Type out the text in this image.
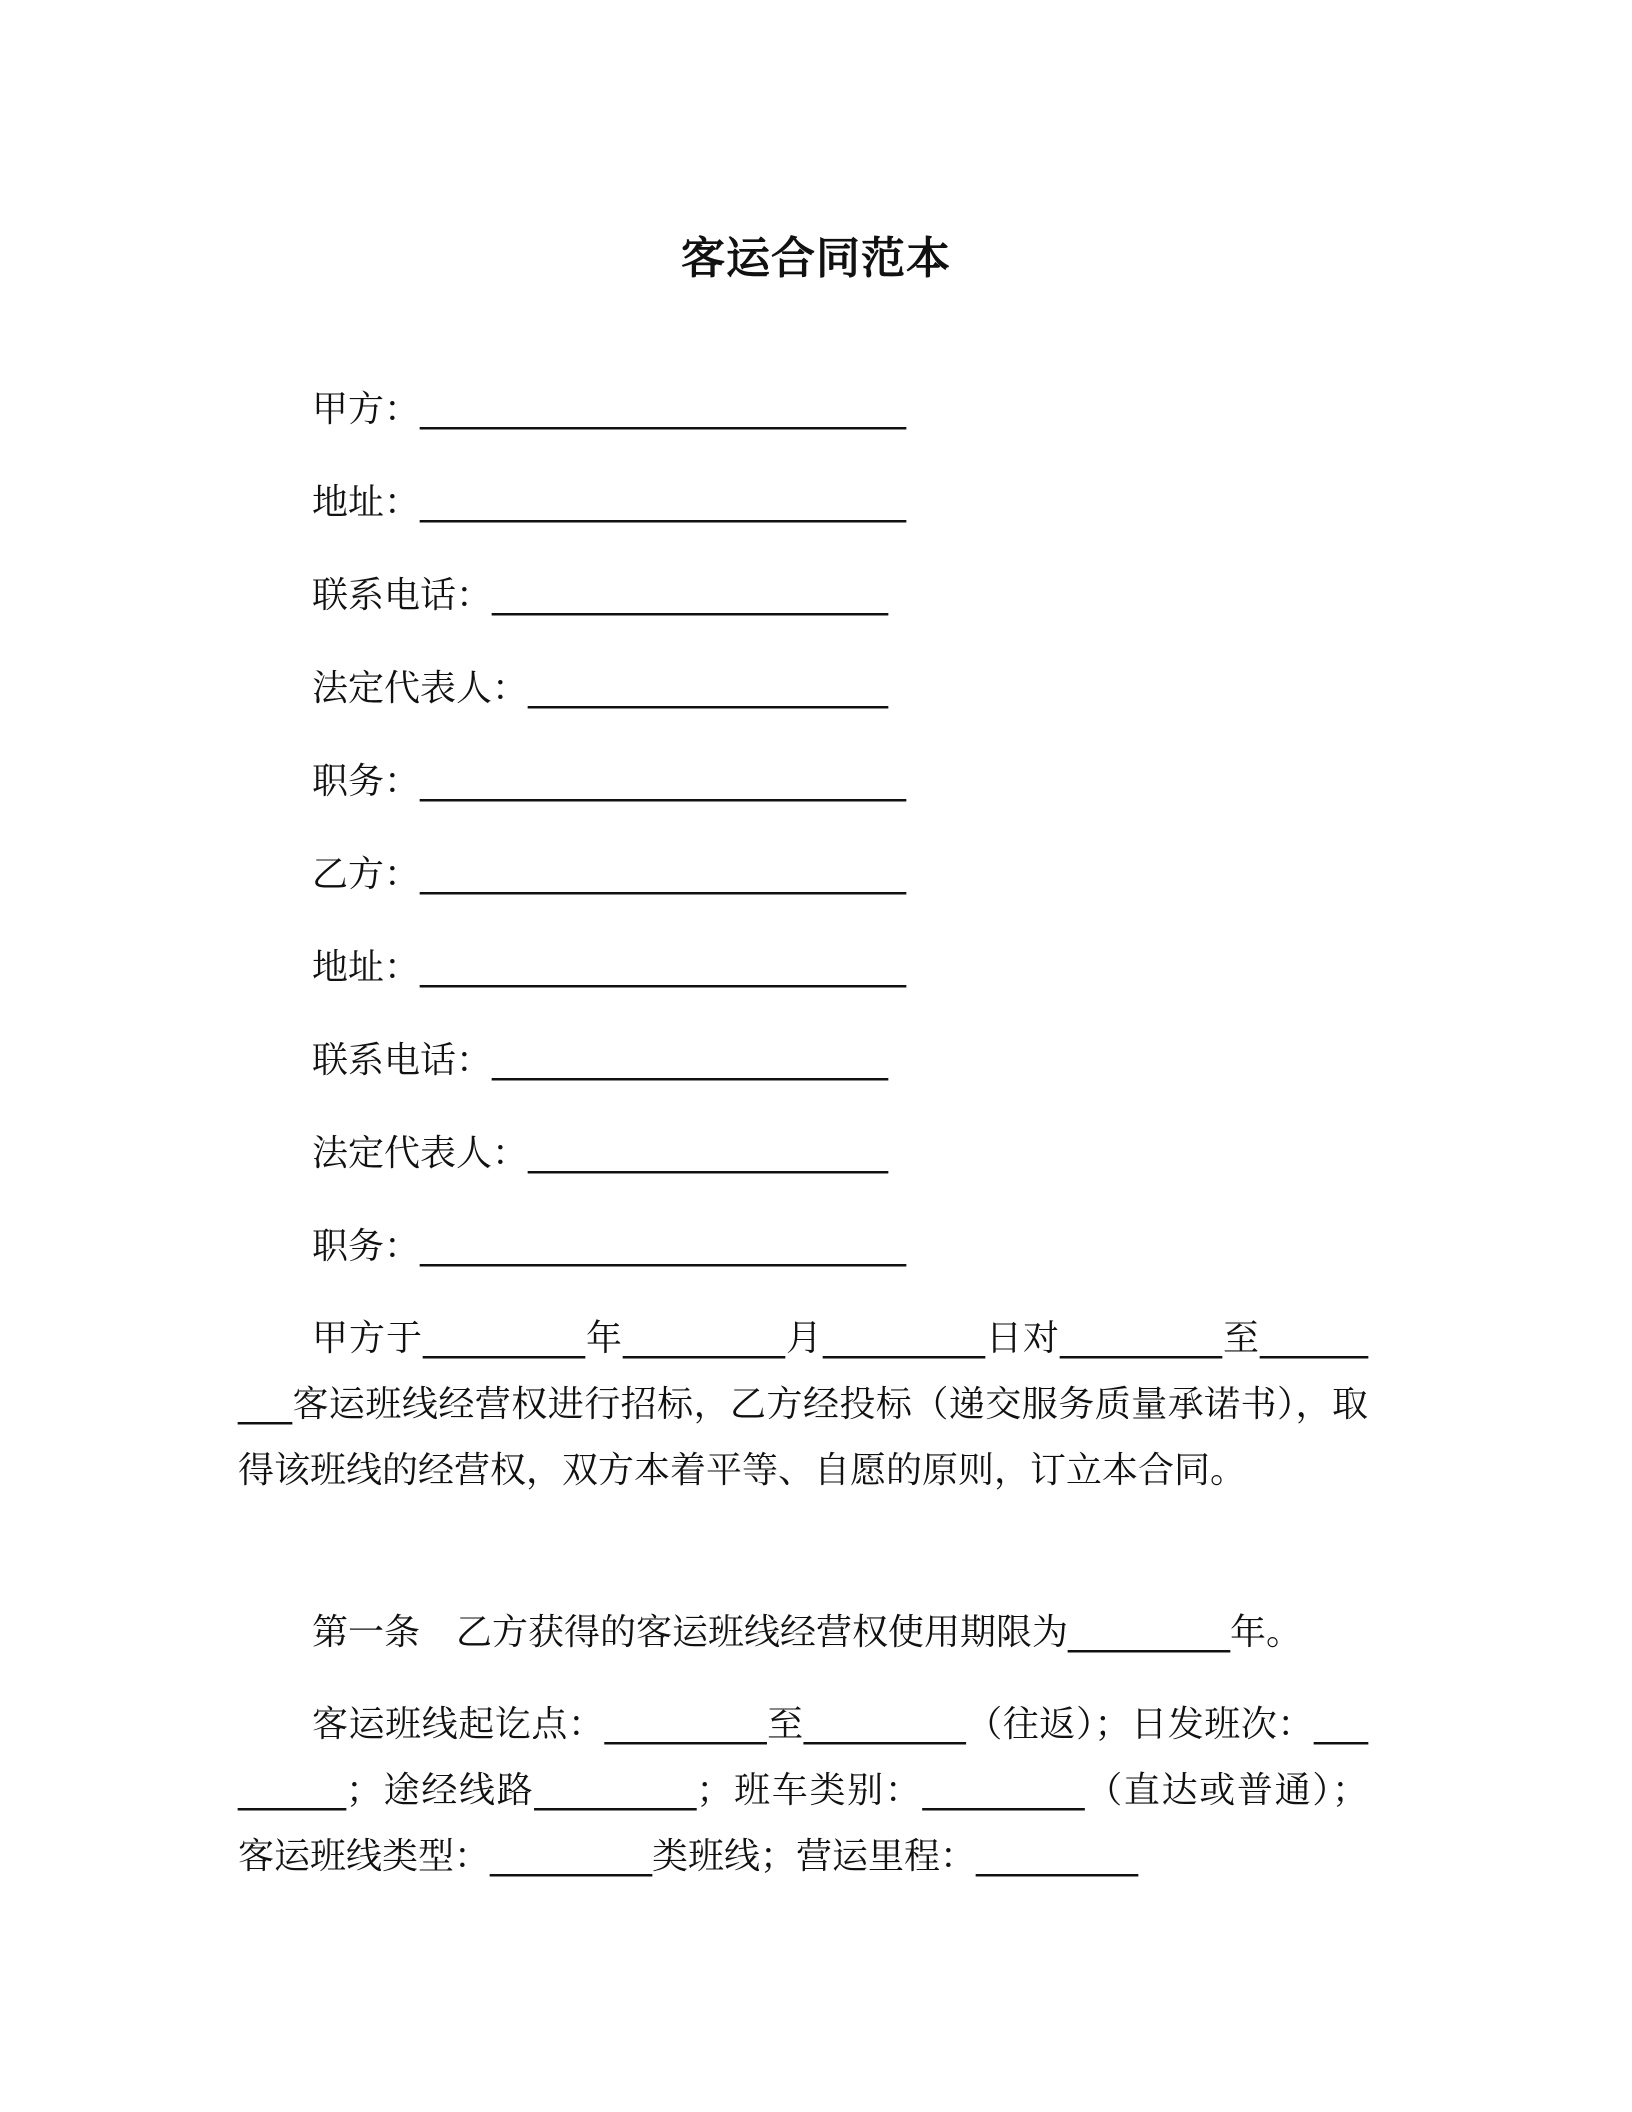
客运合同范本
甲方：___________________________
地址：___________________________
联系电话：______________________
法定代表人：____________________
职务：___________________________
乙方：___________________________
地址：___________________________
联系电话：______________________
法定代表人：____________________
职务：___________________________
甲方于_________年_________月_________日对_________至_________客运班线经营权进行招标，乙方经投标（递交服务质量承诺书），取得该班线的经营权，双方本着平等、自愿的原则，订立本合同。
第一条　乙方获得的客运班线经营权使用期限为_________年。
客运班线起讫点：_________至_________（往返）；日发班次：_________；途经线路_________；班车类别：_________（直达或普通）；客运班线类型：_________类班线；营运里程：_________
